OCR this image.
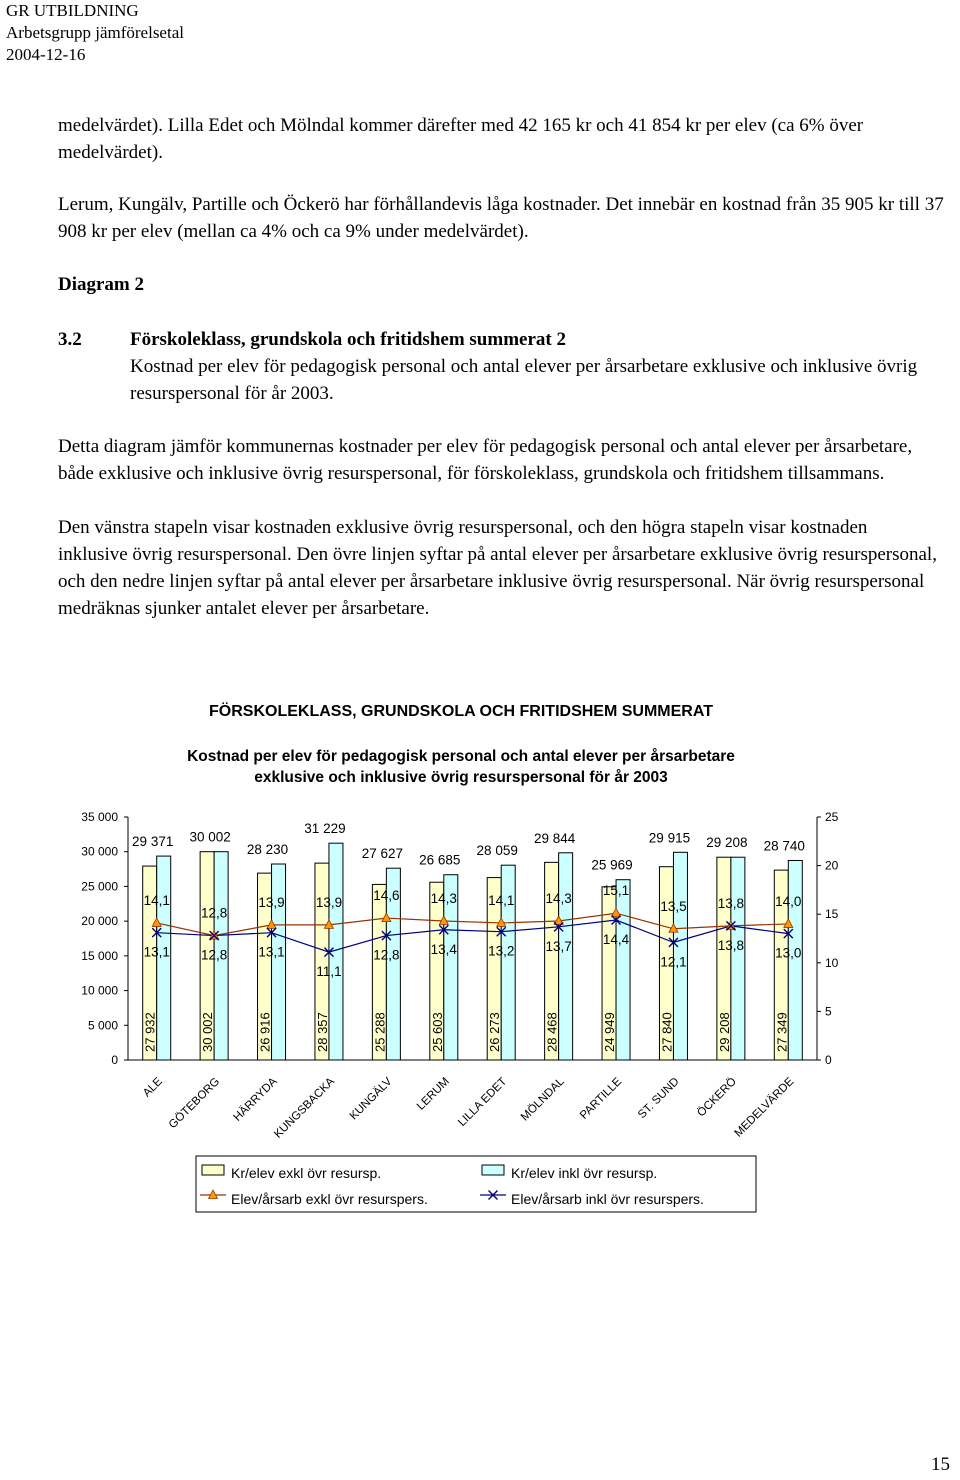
GR UTBILDNING
Arbetsgrupp jämförelsetal
2004-12-16

medelvärdet). Lilla Edet och Mölndal kommer därefter med 42 165 kr och 41 854 kr per elev (ca 6% över medelvärdet).

Lerum, Kungälv, Partille och Öckerö har förhållandevis låga kostnader. Det innebär en kostnad från 35 905 kr till 37 908 kr per elev (mellan ca 4% och ca 9% under medelvärdet).

Diagram 2
3.2	Förskoleklass, grundskola och fritidshem summerat 2
Kostnad per elev för pedagogisk personal och antal elever per årsarbetare exklusive och inklusive övrig resurspersonal för år 2003.

Detta diagram jämför kommunernas kostnader per elev för pedagogisk personal och antal elever per årsarbetare, både exklusive och inklusive övrig resurspersonal, för förskoleklass, grundskola och fritidshem tillsammans.

Den vänstra stapeln visar kostnaden exklusive övrig resurspersonal, och den högra stapeln visar kostnaden inklusive övrig resurspersonal. Den övre linjen syftar på antal elever per årsarbetare exklusive övrig resurspersonal, och den nedre linjen syftar på antal elever per årsarbetare inklusive övrig resurspersonal. När övrig resurspersonal medräknas sjunker antalet elever per årsarbetare.

FÖRSKOLEKLASS, GRUNDSKOLA OCH FRITIDSHEM SUMMERAT
Kostnad per elev för pedagogisk personal och antal elever per årsarbetare
exklusive och inklusive övrig resurspersonal för år 2003
0
5 000
10 000
15 000
20 000
25 000
30 000
35 000
0
5
10
15
20
25
27 932
29 371
30 002
30 002
26 916
28 230
28 357
31 229
25 288
27 627
25 603
26 685
26 273
28 059
28 468
29 844
24 949
25 969
27 840
29 915
29 208
29 208
27 349
28 740
14,1
12,8
13,9 13,9 14,6 14,3 14,1 14,3
15,1
13,5 13,8 14,0
13,1 12,8 13,1
11,1
12,8 13,4 13,2 13,7 14,4
12,1
13,8
13,0
ALE GÖTEBORG HÄRRYDA
KUNGSBACKA KUNGÄLV LERUM LILLA EDET MÖLNDAL PARTILLE ST. SUND ÖCKERÖ
MEDELVÄRDE
Kr/elev exkl övr resursp.	Kr/elev inkl övr resursp.
Elev/årsarb exkl övr resurspers.	Elev/årsarb inkl övr resurspers.
15
